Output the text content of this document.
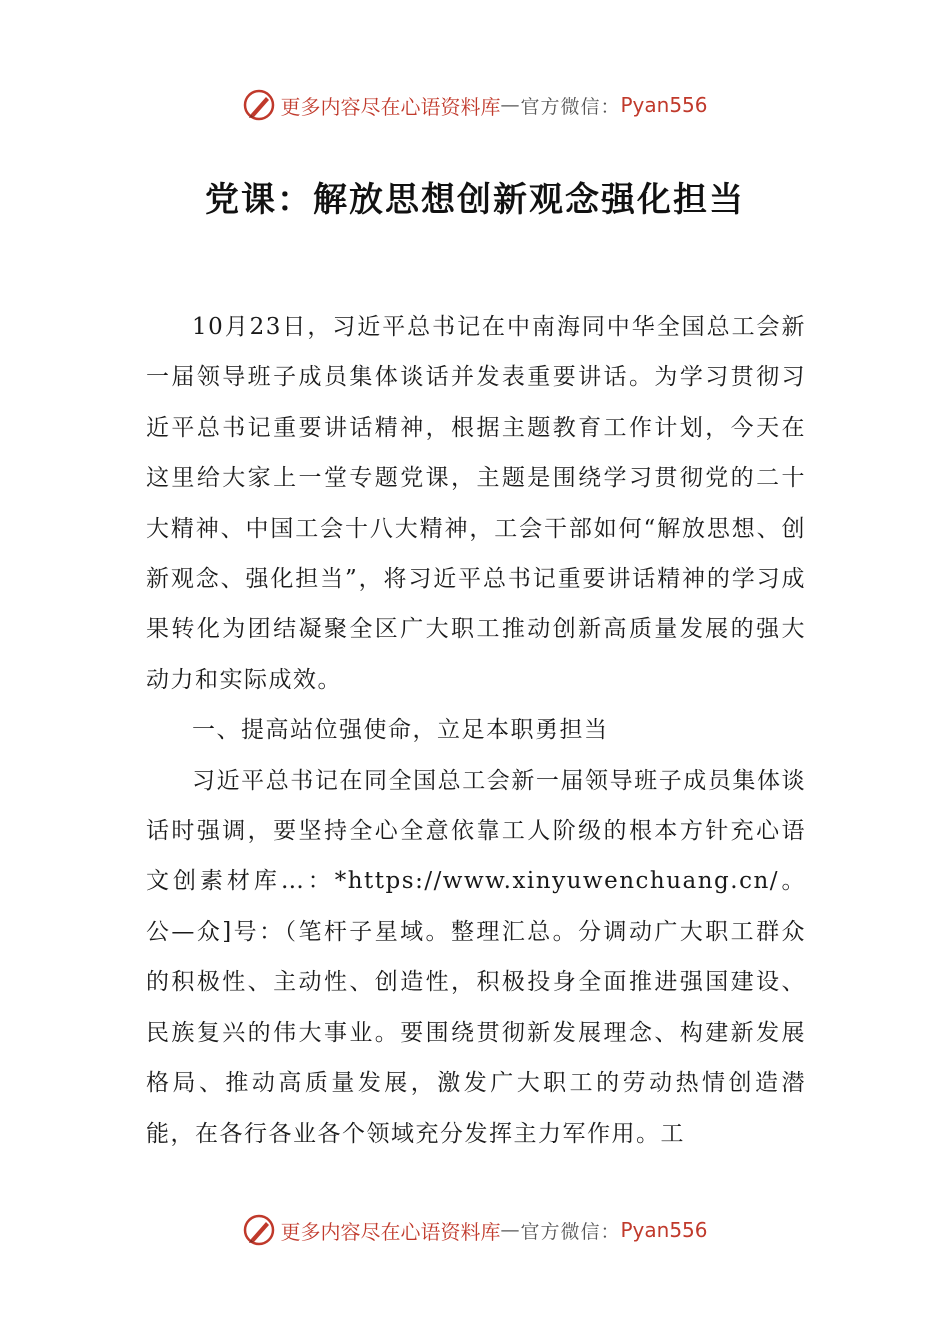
更多内容尽在心语资料库 — 官方微信： Pyan556
党课：解放思想创新观念强化担当

10月23日，习近平总书记在中南海同中华全国总工会新一届领导班子成员集体谈话并发表重要讲话。为学习贯彻习近平总书记重要讲话精神，根据主题教育工作计划，今天在这里给大家上一堂专题党课，主题是围绕学习贯彻党的二十大精神、中国工会十八大精神，工会干部如何“解放思想、创新观念、强化担当”，将习近平总书记重要讲话精神的学习成果转化为团结凝聚全区广大职工推动创新高质量发展的强大动力和实际成效。

一、提高站位强使命，立足本职勇担当

习近平总书记在同全国总工会新一届领导班子成员集体谈话时强调，要坚持全心全意依靠工人阶级的根本方针充心语文创素材库…：*https://www.xinyuwenchuang.cn/。公—众]号：（笔杆子星域。整理汇总。分调动广大职工群众的积极性、主动性、创造性，积极投身全面推进强国建设、民族复兴的伟大事业。要围绕贯彻新发展理念、构建新发展格局、推动高质量发展，激发广大职工的劳动热情创造潜能，在各行各业各个领域充分发挥主力军作用。工

更多内容尽在心语资料库 — 官方微信： Pyan556
